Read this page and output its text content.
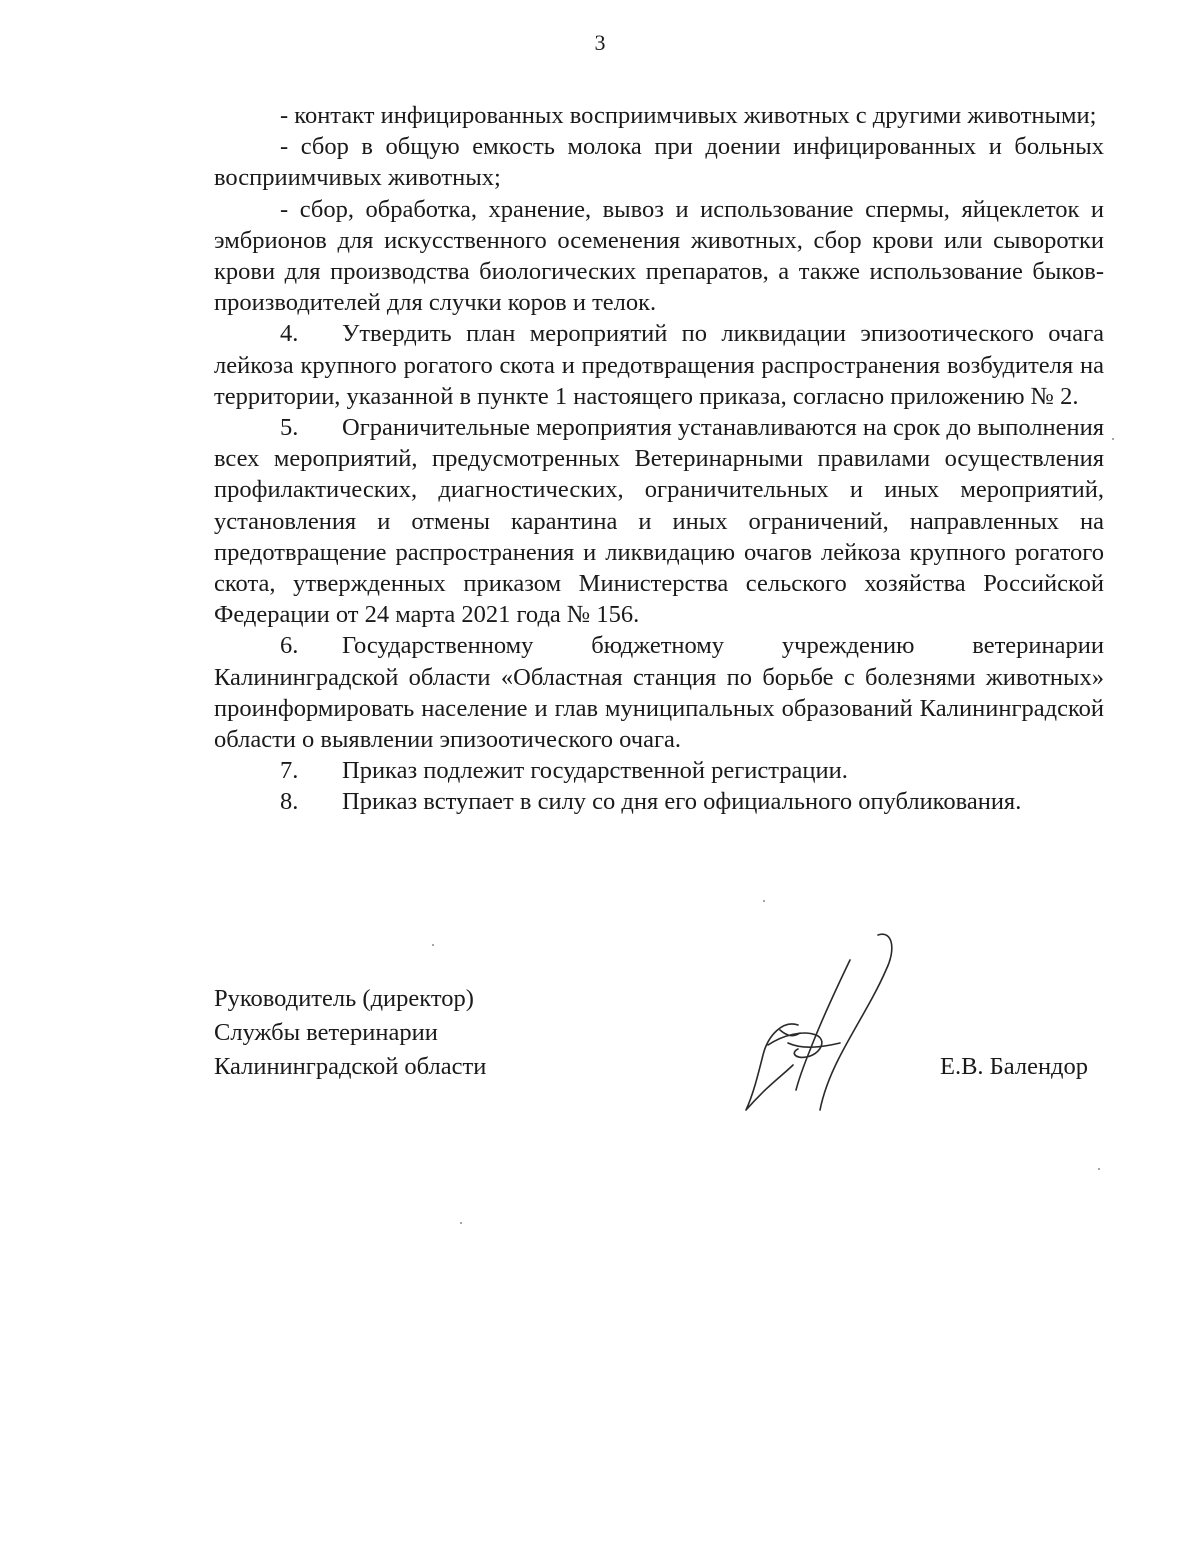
3

- контакт инфицированных восприимчивых животных с другими животными;

- сбор в общую емкость молока при доении инфицированных и больных восприимчивых животных;

- сбор, обработка, хранение, вывоз и использование спермы, яйцеклеток и эмбрионов для искусственного осеменения животных, сбор крови или сыворотки крови для производства биологических препаратов, а также использование быков-производителей для случки коров и телок.

4. Утвердить план мероприятий по ликвидации эпизоотического очага лейкоза крупного рогатого скота и предотвращения распространения возбудителя на территории, указанной в пункте 1 настоящего приказа, согласно приложению № 2.

5. Ограничительные мероприятия устанавливаются на срок до выполнения всех мероприятий, предусмотренных Ветеринарными правилами осуществления профилактических, диагностических, ограничительных и иных мероприятий, установления и отмены карантина и иных ограничений, направленных на предотвращение распространения и ликвидацию очагов лейкоза крупного рогатого скота, утвержденных приказом Министерства сельского хозяйства Российской Федерации от 24 марта 2021 года № 156.

6. Государственному бюджетному учреждению ветеринарии Калининградской области «Областная станция по борьбе с болезнями животных» проинформировать население и глав муниципальных образований Калининградской области о выявлении эпизоотического очага.

7. Приказ подлежит государственной регистрации.

8. Приказ вступает в силу со дня его официального опубликования.

Руководитель (директор)
Службы ветеринарии
Калининградской области	Е.В. Балендор
